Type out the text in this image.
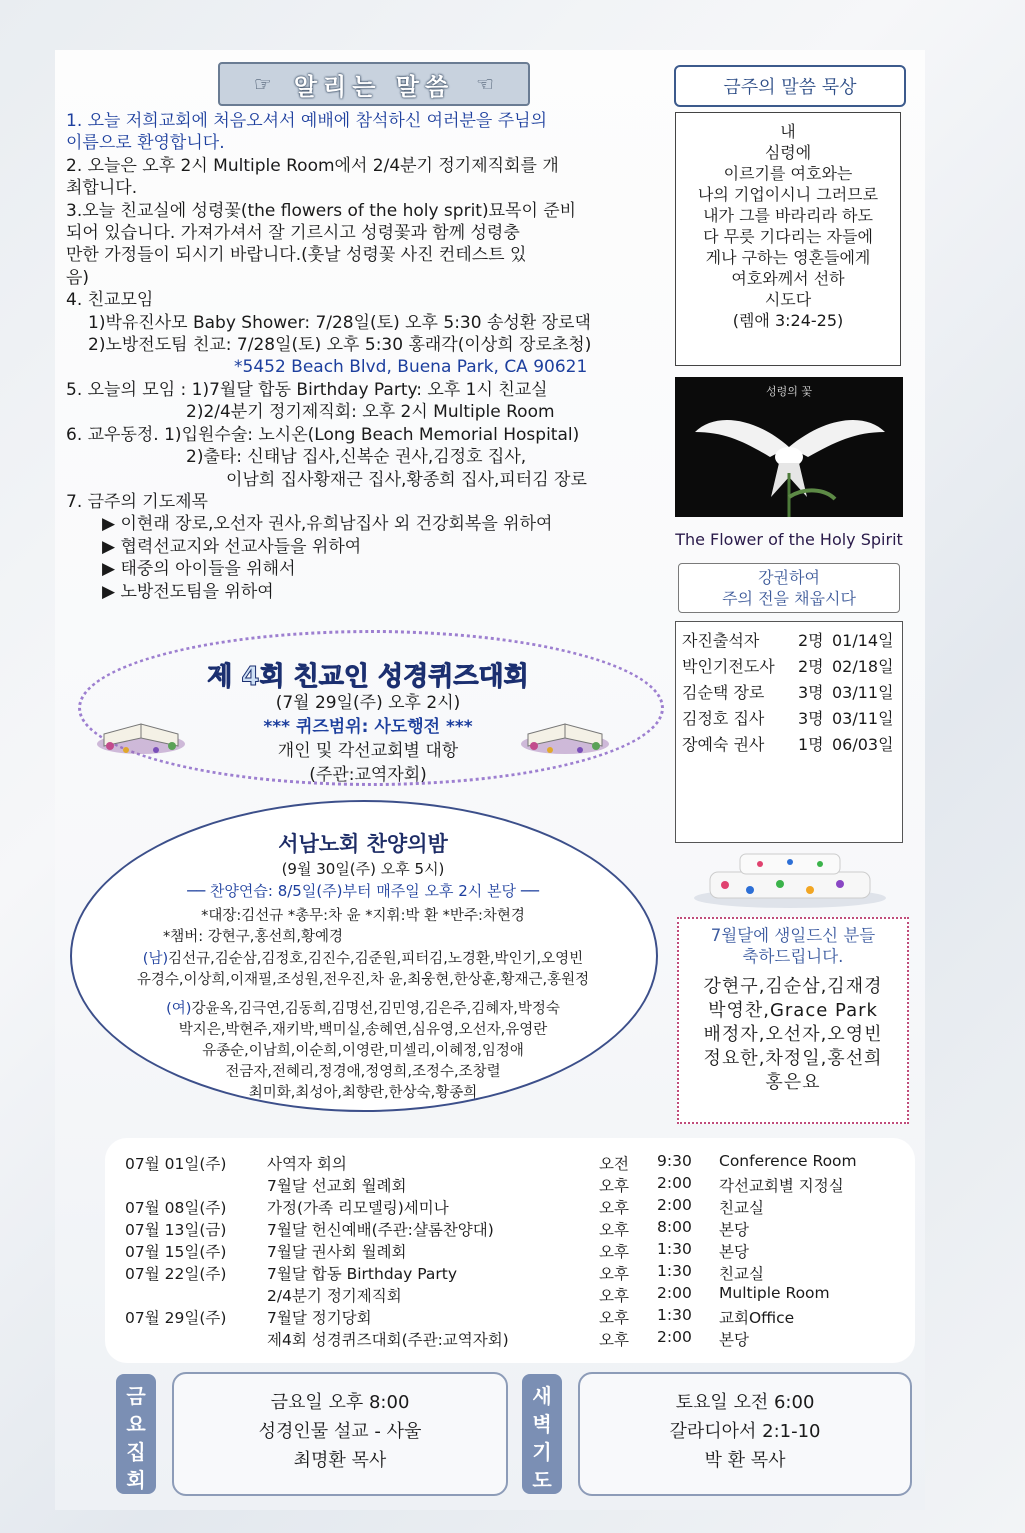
☞ 알리는 말씀 ☜
1. 오늘 저희교회에 처음오셔서 예배에 참석하신 여러분을 주님의
이름으로 환영합니다.
2. 오늘은 오후 2시 Multiple Room에서 2/4분기 정기제직회를 개
최합니다.
3.오늘 친교실에 성령꽃(the flowers of the holy sprit)묘목이 준비
되어 있습니다. 가져가셔서 잘 기르시고 성령꽃과 함께 성령충
만한 가정들이 되시기 바랍니다.(훗날 성령꽃 사진 컨테스트 있
음)
4. 친교모임
1)박유진사모 Baby Shower: 7/28일(토) 오후 5:30 송성환 장로댁
2)노방전도팀 친교: 7/28일(토) 오후 5:30 홍래각(이상희 장로초청)
*5452 Beach Blvd, Buena Park, CA 90621
5. 오늘의 모임 : 1)7월달 합동 Birthday Party: 오후 1시 친교실
2)2/4분기 정기제직회: 오후 2시 Multiple Room
6. 교우동정. 1)입원수술: 노시온(Long Beach Memorial Hospital)
2)출타: 신태남 집사,신복순 권사,김정호 집사,
이남희 집사황재근 집사,황종희 집사,피터김 장로
7. 금주의 기도제목
▶ 이현래 장로,오선자 권사,유희남집사 외 건강회복을 위하여
▶ 협력선교지와 선교사들을 위하여
▶ 태중의 아이들을 위해서
▶ 노방전도팀을 위하여
제 4회 친교인 성경퀴즈대회
(7월 29일(주) 오후 2시)
*** 퀴즈범위: 사도행전 ***
개인 및 각선교회별 대항
(주관:교역자회)
서남노회 찬양의밤
(9월 30일(주) 오후 5시)
── 찬양연습: 8/5일(주)부터 매주일 오후 2시 본당 ──
*대장:김선규 *총무:차 윤 *지휘:박 환 *반주:차현경
*챔버: 강현구,홍선희,황예경
(남)김선규,김순삼,김정호,김진수,김준원,피터김,노경환,박인기,오영빈
유경수,이상희,이재필,조성원,전우진,차 윤,최웅현,한상훈,황재근,홍원정
(여)강윤옥,김극연,김동희,김명선,김민영,김은주,김혜자,박정숙
박지은,박현주,재키박,백미실,송혜연,심유영,오선자,유영란
유종순,이남희,이순희,이영란,미셀리,이혜정,임정애
전금자,전혜리,정경애,정영희,조정수,조창렬
최미화,최성아,최향란,한상숙,황종희
금주의 말씀 묵상
내
심령에
이르기를 여호와는
나의 기업이시니 그러므로
내가 그를 바라리라 하도
다 무릇 기다리는 자들에
게나 구하는 영혼들에게
여호와께서 선하
시도다
(렘애 3:24-25)
성령의 꽃
The Flower of the Holy Spirit
강권하여
주의 전을 채웁시다
자진출석자 2명 01/14일
박인기전도사 2명 02/18일
김순택 장로 3명 03/11일
김정호 집사 3명 03/11일
장예숙 권사 1명 06/03일
7월달에 생일드신 분들
축하드립니다.
강현구,김순삼,김재경
박영찬,Grace Park
배정자,오선자,오영빈
정요한,차정일,홍선희
홍은요
07월 01일(주)	사역자 회의	오전 9:30 Conference Room
7월달 선교회 월례회	오후 2:00 각선교회별 지정실
07월 08일(주)	가정(가족 리모델링)세미나	오후 2:00 친교실
07월 13일(금)	7월달 헌신예배(주관:샬롬찬양대)	오후 8:00 본당
07월 15일(주)	7월달 권사회 월례회	오후 1:30 본당
07월 22일(주)	7월달 합동 Birthday Party	오후 1:30 친교실
2/4분기 정기제직회	오후 2:00 Multiple Room
07월 29일(주)	7월달 정기당회	오후 1:30 교회Office
제4회 성경퀴즈대회(주관:교역자회)	오후 2:00 본당
금
요
집
회
금요일 오후 8:00
성경인물 설교 - 사울
최명환 목사
새
벽
기
도
토요일 오전 6:00
갈라디아서 2:1-10
박 환 목사
